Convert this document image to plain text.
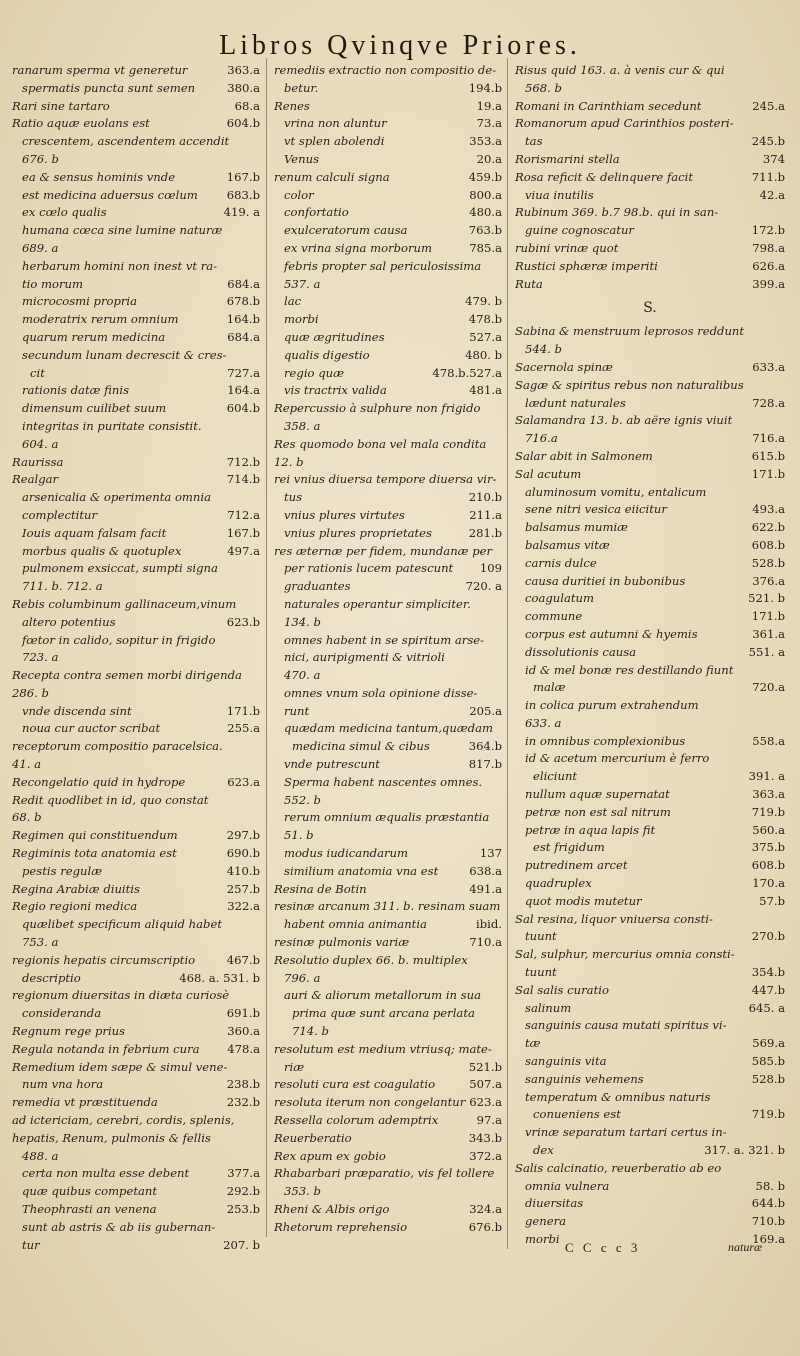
Libros Qvinqve Priores.
ranarum sperma vt generetur	363.a
spermatis puncta sunt semen	380.a
Rari sine tartaro	68.a
Ratio aquæ euolans est	604.b
crescentem, ascendentem accendit
676. b
ea & sensus hominis vnde	167.b
est medicina aduersus cœlum 683.b
ex cœlo qualis	419. a
humana cœca sine lumine naturæ
689. a
herbarum homini non inest vt ra-
tio morum	684.a
microcosmi propria	678.b
moderatrix rerum omnium	164.b
quarum rerum medicina	684.a
secundum lunam decrescit & cres-
cit	727.a
rationis datæ finis	164.a
dimensum cuilibet suum	604.b
integritas in puritate consistit.
604. a
Raurissa	712.b
Realgar	714.b
arsenicalia & operimenta omnia
complectitur	712.a
Iouis aquam falsam facit	167.b
morbus qualis & quotuplex	497.a
pulmonem exsiccat, sumpti signa
711. b. 712. a
Rebis columbinum gallinaceum,vinum
altero potentius	623.b
fœtor in calido, sopitur in frigido
723. a
Recepta contra semen morbi dirigenda
286. b
vnde discenda sint	171.b
noua cur auctor scribat	255.a
receptorum compositio paracelsica.
41. a
Recongelatio quid in hydrope	623.a
Redit quodlibet in id, quo constat
68. b
Regimen qui constituendum	297.b
Regiminis tota anatomia est	690.b
pestis regulæ	410.b
Regina Arabiæ diuitis	257.b
Regio regioni medica	322.a
quælibet specificum aliquid habet
753. a
regionis hepatis circumscriptio	467.b
descriptio	468. a. 531. b
regionum diuersitas in diæta curiosè
consideranda	691.b
Regnum rege prius	360.a
Regula notanda in febrium cura 478.a
Remedium idem sæpe & simul vene-
num vna hora	238.b
remedia vt præstituenda	232.b
ad ictericiam, cerebri, cordis, splenis,
hepatis, Renum, pulmonis & fellis
488. a
certa non multa esse debent	377.a
quæ quibus competant	292.b
Theophrasti an venena	253.b
sunt ab astris & ab iis gubernan-
tur	207. b
remediis extractio non compositio de-
betur.	194.b
Renes	19.a
vrina non aluntur	73.a
vt splen abolendi	353.a
Venus	20.a
renum calculi signa	459.b
color	800.a
confortatio	480.a
exulceratorum causa	763.b
ex vrina signa morborum	785.a
febris propter sal periculosissima
537. a
lac	479. b
morbi	478.b
quæ ægritudines	527.a
qualis digestio	480. b
regio quæ	478.b.527.a
vis tractrix valida	481.a
Repercussio à sulphure non frigido
358. a
Res quomodo bona vel mala condita
12. b
rei vnius diuersa tempore diuersa vir-
tus	210.b
vnius plures virtutes	211.a
vnius plures proprietates	281.b
res æternæ per fidem, mundanæ per
per rationis lucem patescunt 109
graduantes	720. a
naturales operantur simpliciter.
134. b
omnes habent in se spiritum arse-
nici, auripigmenti & vitrioli
470. a
omnes vnum sola opinione disse-
runt	205.a
quædam medicina tantum,quædam
medicina simul & cibus	364.b
vnde putrescunt	817.b
Sperma habent nascentes omnes.
552. b
rerum omnium æqualis præstantia
51. b
modus iudicandarum	137
similium anatomia vna est	638.a
Resina de Botin	491.a
resinæ arcanum 311. b. resinam suam
habent omnia animantia	ibid.
resinæ pulmonis variæ	710.a
Resolutio duplex 66. b. multiplex
796. a
auri & aliorum metallorum in sua
prima quæ sunt arcana perlata
714. b
resolutum est medium vtriusq; mate-
riæ	521.b
resoluti cura est coagulatio	507.a
resoluta iterum non congelantur 623.a
Ressella colorum ademptrix	97.a
Reuerberatio	343.b
Rex apum ex gobio	372.a
Rhabarbari præparatio, vis fel tollere
353. b
Rheni & Albis origo	324.a
Rhetorum reprehensio	676.b
Risus quid 163. a. à venis cur & qui
568. b
Romani in Carinthiam secedunt	245.a
Romanorum apud Carinthios posteri-
tas	245.b
Rorismarini stella	374
Rosa reficit & delinquere facit	711.b
viua inutilis	42.a
Rubinum 369. b.7 98.b. qui in san-
guine cognoscatur	172.b
rubini vrinæ quot	798.a
Rustici sphæræ imperiti	626.a
Ruta	399.a
S.
Sabina & menstruum leprosos reddunt
544. b
Sacernola spinæ	633.a
Sagæ & spiritus rebus non naturalibus
lædunt naturales	728.a
Salamandra 13. b. ab aëre ignis viuit
716.a	716.a
Salar abit in Salmonem	615.b
Sal acutum	171.b
aluminosum vomitu, entalicum
sene nitri vesica eiicitur	493.a
balsamus mumiæ	622.b
balsamus vitæ	608.b
carnis dulce	528.b
causa duritiei in bubonibus	376.a
coagulatum	521. b
commune	171.b
corpus est autumni & hyemis	361.a
dissolutionis causa	551. a
id & mel bonæ res destillando fiunt
malæ	720.a
in colica purum extrahendum
633. a
in omnibus complexionibus	558.a
id & acetum mercurium è ferro
eliciunt	391. a
nullum aquæ supernatat	363.a
petræ non est sal nitrum	719.b
petræ in aqua lapis fit	560.a
est frigidum	375.b
putredinem arcet	608.b
quadruplex	170.a
quot modis mutetur	57.b
Sal resina, liquor vniuersa consti-
tuunt	270.b
Sal, sulphur, mercurius omnia consti-
tuunt	354.b
Sal salis curatio	447.b
salinum	645. a
sanguinis causa mutati spiritus vi-
tæ	569.a
sanguinis vita	585.b
sanguinis vehemens	528.b
temperatum & omnibus naturis
conueniens est	719.b
vrinæ separatum tartari certus in-
dex	317. a. 321. b
Salis calcinatio, reuerberatio ab eo
omnia vulnera	58. b
diuersitas	644.b
genera	710.b
morbi	169.a
C C c c 3	naturæ
